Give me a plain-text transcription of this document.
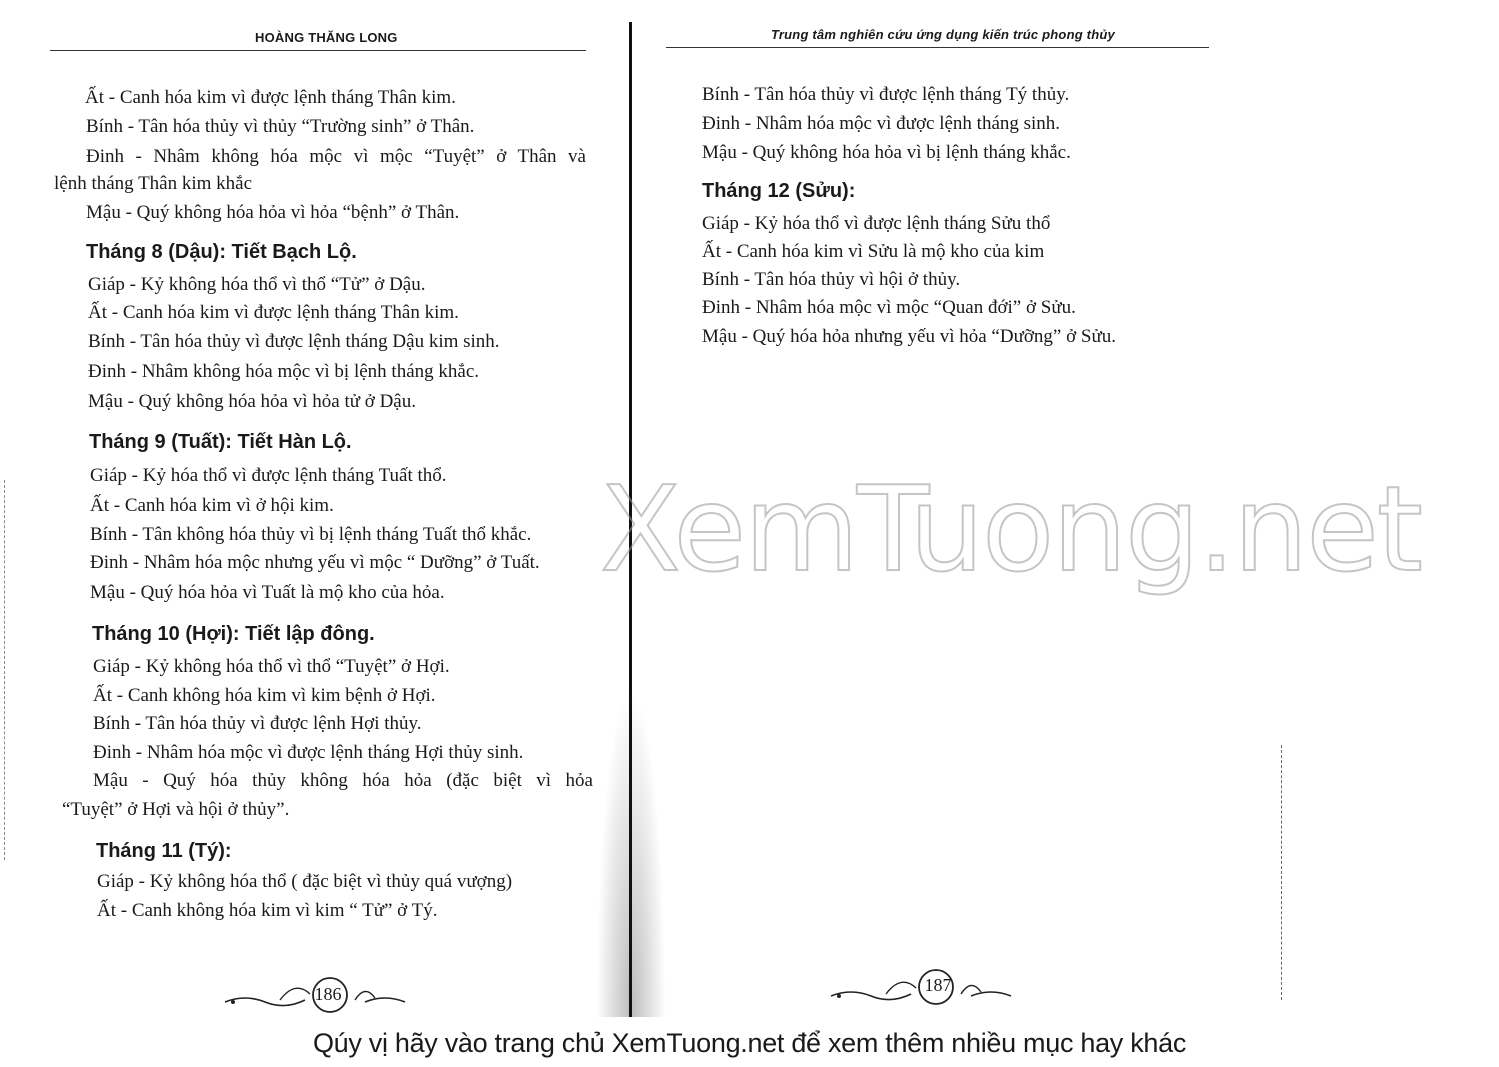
HOÀNG THĂNG LONG
Ất - Canh hóa kim vì được lệnh tháng Thân kim.
Bính - Tân hóa thủy vì thủy “Trường sinh” ở Thân.
Đinh - Nhâm không hóa mộc vì mộc “Tuyệt” ở Thân và
lệnh tháng Thân kim khắc
Mậu - Quý không hóa hỏa vì hỏa “bệnh” ở Thân.
Tháng 8 (Dậu): Tiết Bạch Lộ.
Giáp - Kỷ không hóa thổ vì thổ “Tử” ở Dậu.
Ất - Canh hóa kim vì được lệnh tháng Thân kim.
Bính - Tân hóa thủy vì được lệnh tháng Dậu kim sinh.
Đinh - Nhâm không hóa mộc vì bị lệnh tháng khắc.
Mậu - Quý không hóa hỏa vì hỏa tử ở Dậu.
Tháng 9 (Tuất): Tiết Hàn Lộ.
Giáp - Kỷ hóa thổ vì được lệnh tháng Tuất thổ.
Ất - Canh hóa kim vì ở hội kim.
Bính - Tân không hóa thủy vì bị lệnh tháng Tuất thổ khắc.
Đinh - Nhâm hóa mộc nhưng yếu vì mộc “ Dưỡng” ở Tuất.
Mậu - Quý hóa hỏa vì Tuất là mộ kho của hỏa.
Tháng 10 (Hợi): Tiết lập đông.
Giáp - Kỷ không hóa thổ vì thổ “Tuyệt” ở Hợi.
Ất - Canh không hóa kim vì kim bệnh ở Hợi.
Bính - Tân hóa thủy vì được lệnh Hợi thủy.
Đinh - Nhâm hóa mộc vì được lệnh tháng Hợi thủy sinh.
Mậu - Quý hóa thủy không hóa hỏa (đặc biệt vì hỏa
“Tuyệt” ở Hợi và hội ở thủy”.
Tháng 11 (Tý):
Giáp - Kỷ không hóa thổ ( đặc biệt vì thủy quá vượng)
Ất - Canh không hóa kim vì kim “ Tử” ở Tý.
186
Trung tâm nghiên cứu ứng dụng kiến trúc phong thủy
Bính - Tân hóa thủy vì được lệnh tháng Tý thủy.
Đinh - Nhâm hóa mộc vì được lệnh tháng sinh.
Mậu - Quý không hóa hỏa vì bị lệnh tháng khắc.
Tháng 12 (Sửu):
Giáp - Kỷ hóa thổ vì được lệnh tháng Sửu thổ
Ất - Canh hóa kim vì Sửu là mộ kho của kim
Bính - Tân hóa thủy vì hội ở thủy.
Đinh - Nhâm hóa mộc vì mộc “Quan đới” ở Sửu.
Mậu - Quý hóa hỏa nhưng yếu vì hỏa “Dưỡng” ở Sửu.
187
XemTuong.net
Qúy vị hãy vào trang chủ XemTuong.net để xem thêm nhiều mục hay khác
